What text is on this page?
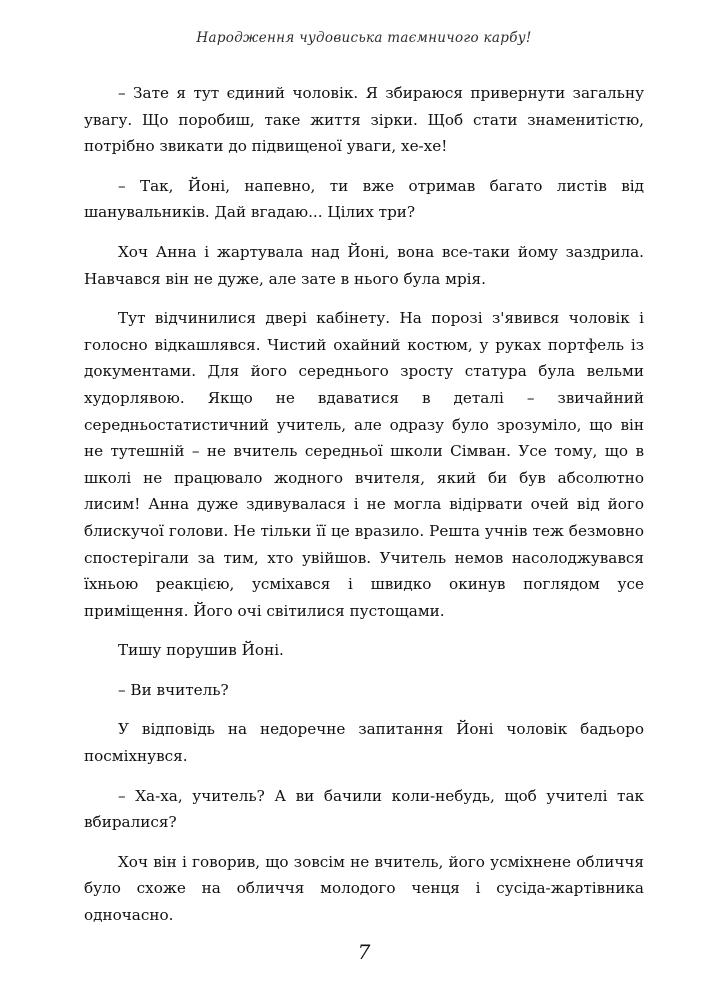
Народження чудовиська таємничого карбу!

– Зате я тут єдиний чоловік. Я збираюся привернути загальну увагу. Що поробиш, таке життя зірки. Щоб стати знаменитістю, потрібно звикати до підвищеної уваги, хе-хе!

– Так, Йоні, напевно, ти вже отримав багато листів від шанувальників. Дай вгадаю... Цілих три?

Хоч Анна і жартувала над Йоні, вона все-таки йому заздрила. Навчався він не дуже, але зате в нього була мрія.

Тут відчинилися двері кабінету. На порозі з'явився чоловік і голосно відкашлявся. Чистий охайний костюм, у руках портфель із документами. Для його середнього зросту статура була вельми худорлявою. Якщо не вдаватися в деталі – звичайний середньостатистичний учитель, але одразу було зрозуміло, що він не тутешній – не вчитель середньої школи Сімван. Усе тому, що в школі не працювало жодного вчителя, який би був абсолютно лисим! Анна дуже здивувалася і не могла відірвати очей від його блискучої голови. Не тільки її це вразило. Решта учнів теж безмовно спостерігали за тим, хто увійшов. Учитель немов насолоджувався їхньою реакцією, усміхався і швидко окинув поглядом усе приміщення. Його очі світилися пустощами.

Тишу порушив Йоні.

– Ви вчитель?

У відповідь на недоречне запитання Йоні чоловік бадьоро посміхнувся.

– Ха-ха, учитель? А ви бачили коли-небудь, щоб учителі так вбиралися?

Хоч він і говорив, що зовсім не вчитель, його усміхнене обличчя було схоже на обличчя молодого ченця і сусіда-жартівника одночасно.

7
